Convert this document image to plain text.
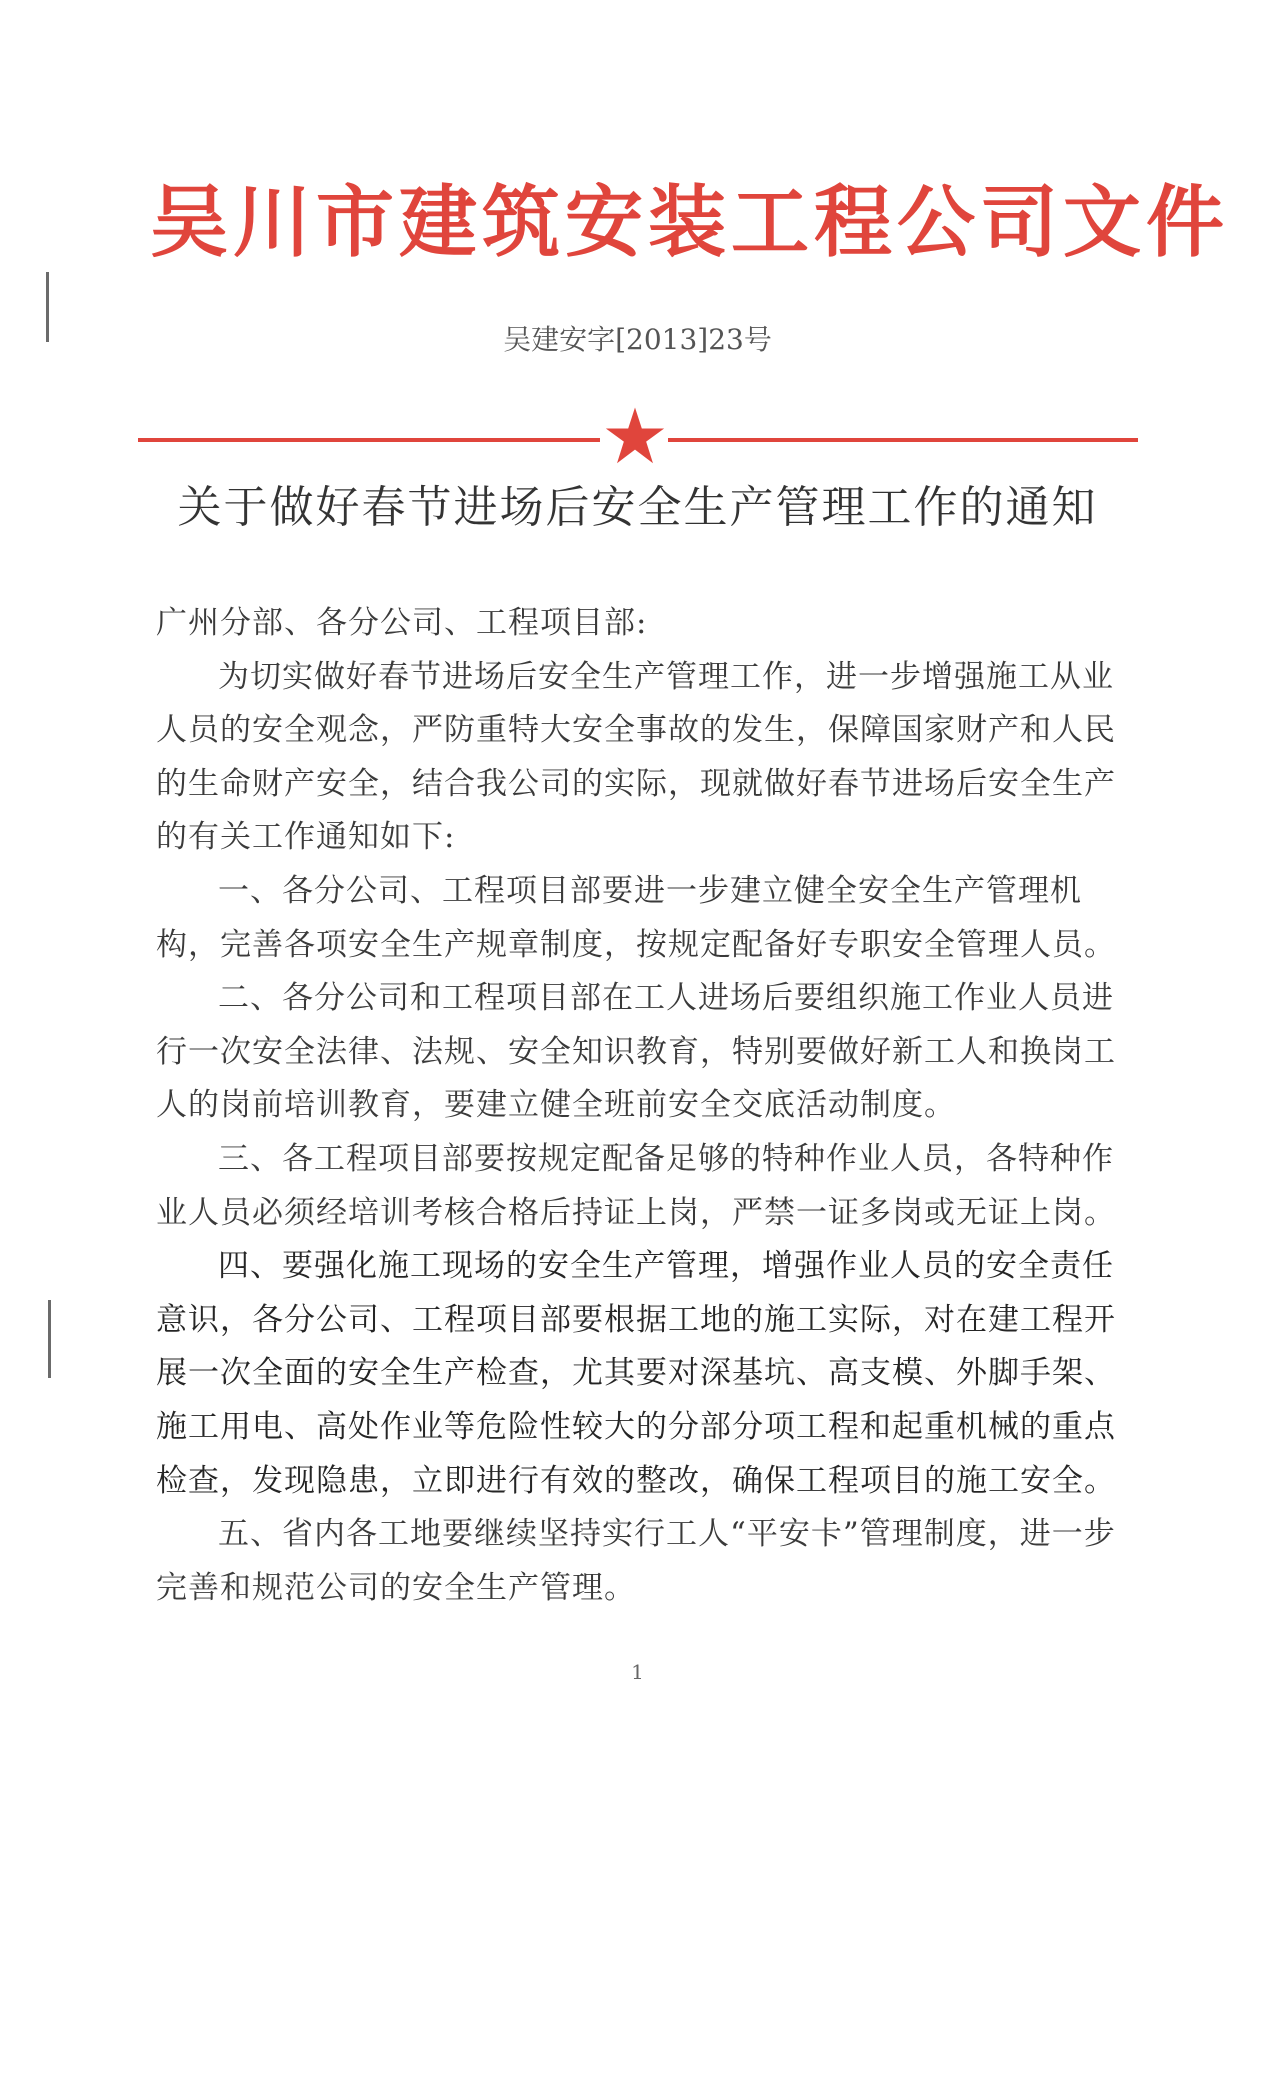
吴川市建筑安装工程公司文件
吴建安字[2013]23号
关于做好春节进场后安全生产管理工作的通知

广州分部、各分公司、工程项目部:

为切实做好春节进场后安全生产管理工作，进一步增强施工从业人员的安全观念，严防重特大安全事故的发生，保障国家财产和人民的生命财产安全，结合我公司的实际，现就做好春节进场后安全生产的有关工作通知如下:

一、各分公司、工程项目部要进一步建立健全安全生产管理机构，完善各项安全生产规章制度，按规定配备好专职安全管理人员。

二、各分公司和工程项目部在工人进场后要组织施工作业人员进行一次安全法律、法规、安全知识教育，特别要做好新工人和换岗工人的岗前培训教育，要建立健全班前安全交底活动制度。

三、各工程项目部要按规定配备足够的特种作业人员，各特种作业人员必须经培训考核合格后持证上岗，严禁一证多岗或无证上岗。

四、要强化施工现场的安全生产管理，增强作业人员的安全责任意识，各分公司、工程项目部要根据工地的施工实际，对在建工程开展一次全面的安全生产检查，尤其要对深基坑、高支模、外脚手架、施工用电、高处作业等危险性较大的分部分项工程和起重机械的重点检查，发现隐患，立即进行有效的整改，确保工程项目的施工安全。

五、省内各工地要继续坚持实行工人“平安卡”管理制度，进一步完善和规范公司的安全生产管理。

1
